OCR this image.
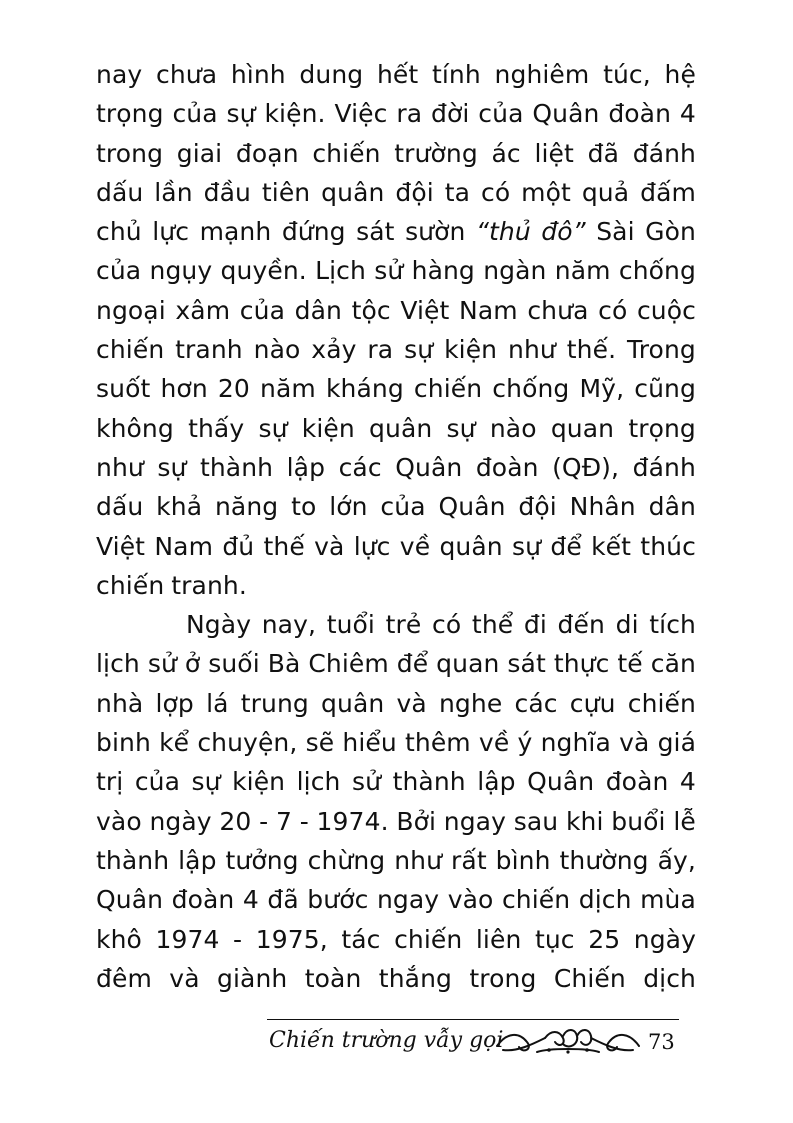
nay chưa hình dung hết tính nghiêm túc, hệ
trọng của sự kiện. Việc ra đời của Quân đoàn 4
trong giai đoạn chiến trường ác liệt đã đánh
dấu lần đầu tiên quân đội ta có một quả đấm
chủ lực mạnh đứng sát sườn “thủ đô” Sài Gòn
của ngụy quyền. Lịch sử hàng ngàn năm chống
ngoại xâm của dân tộc Việt Nam chưa có cuộc
chiến tranh nào xảy ra sự kiện như thế. Trong
suốt hơn 20 năm kháng chiến chống Mỹ, cũng
không thấy sự kiện quân sự nào quan trọng
như sự thành lập các Quân đoàn (QĐ), đánh
dấu khả năng to lớn của Quân đội Nhân dân
Việt Nam đủ thế và lực về quân sự để kết thúc
chiến tranh.
Ngày nay, tuổi trẻ có thể đi đến di tích
lịch sử ở suối Bà Chiêm để quan sát thực tế căn
nhà lợp lá trung quân và nghe các cựu chiến
binh kể chuyện, sẽ hiểu thêm về ý nghĩa và giá
trị của sự kiện lịch sử thành lập Quân đoàn 4
vào ngày 20 - 7 - 1974. Bởi ngay sau khi buổi lễ
thành lập tưởng chừng như rất bình thường ấy,
Quân đoàn 4 đã bước ngay vào chiến dịch mùa
khô 1974 - 1975, tác chiến liên tục 25 ngày
đêm và giành toàn thắng trong Chiến dịch
Chiến trường vẫy gọi	73
